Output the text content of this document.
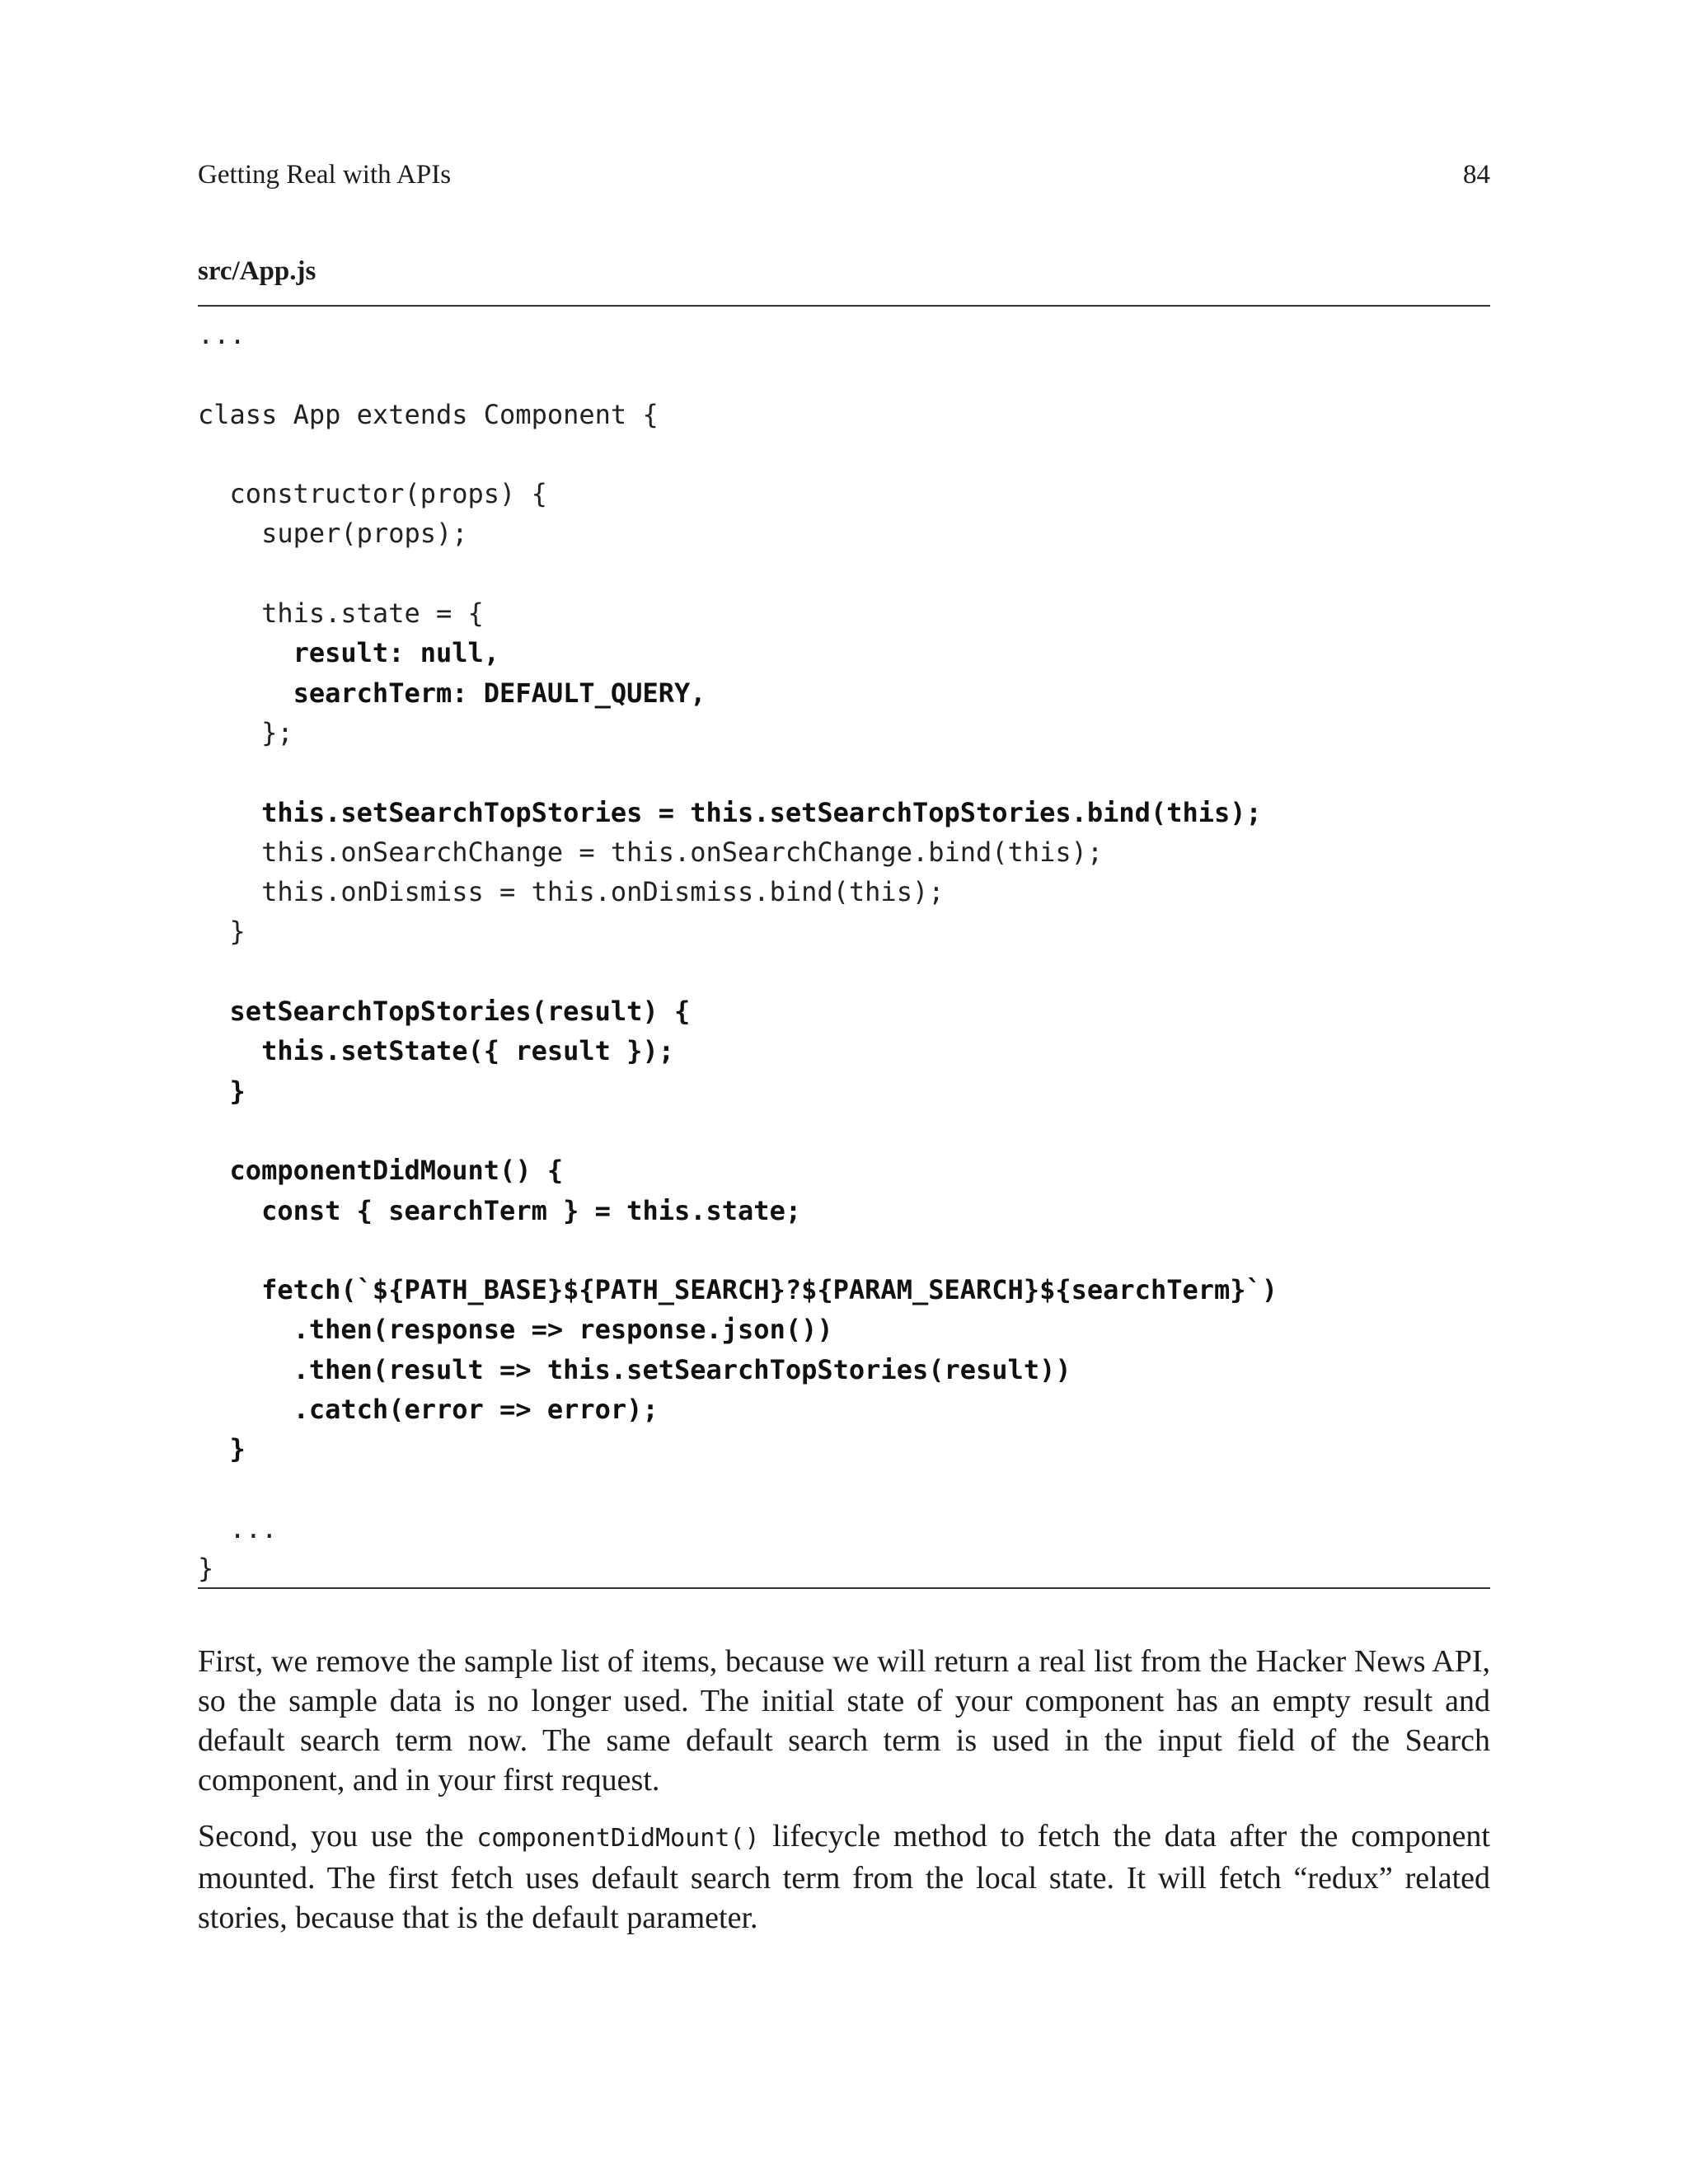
Getting Real with APIs	84
src/App.js
...
class App extends Component {
constructor(props) {
super(props);
this.state = {
result: null,
searchTerm: DEFAULT_QUERY,
};
this.setSearchTopStories = this.setSearchTopStories.bind(this);
this.onSearchChange = this.onSearchChange.bind(this);
this.onDismiss = this.onDismiss.bind(this);
}
setSearchTopStories(result) {
this.setState({ result });
}
componentDidMount() {
const { searchTerm } = this.state;
fetch(`${PATH_BASE}${PATH_SEARCH}?${PARAM_SEARCH}${searchTerm}`)
.then(response => response.json())
.then(result => this.setSearchTopStories(result))
.catch(error => error);
}
...
}

First, we remove the sample list of items, because we will return a real list from the Hacker News API, so the sample data is no longer used. The initial state of your component has an empty result and default search term now. The same default search term is used in the input field of the Search component, and in your first request.

Second, you use the componentDidMount() lifecycle method to fetch the data after the component mounted. The first fetch uses default search term from the local state. It will fetch “redux” related stories, because that is the default parameter.
